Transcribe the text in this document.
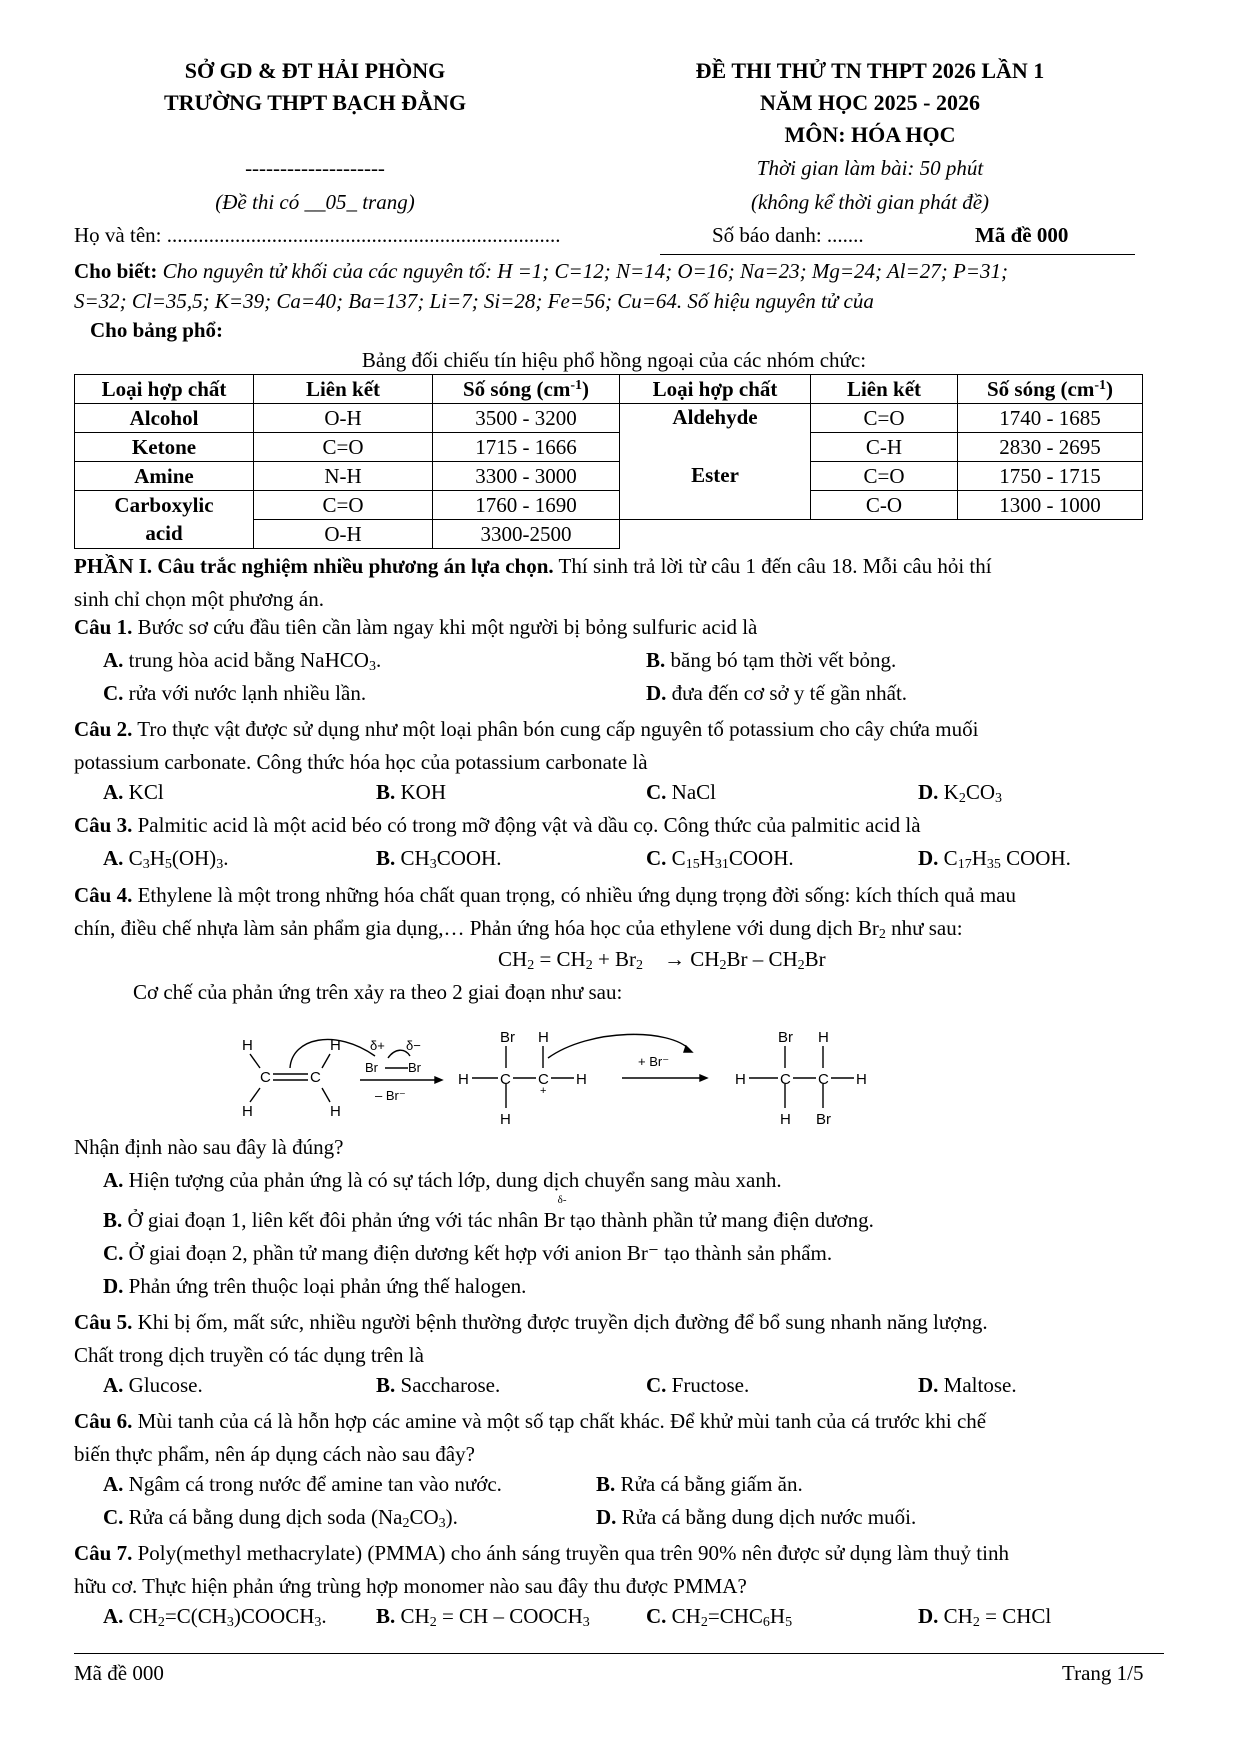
SỞ GD & ĐT HẢI PHÒNG
TRƯỜNG THPT BẠCH ĐẰNG
--------------------
(Đề thi có __05_ trang)
ĐỀ THI THỬ TN THPT 2026 LẦN 1
NĂM HỌC 2025 - 2026
MÔN: HÓA HỌC
Thời gian làm bài: 50 phút
(không kể thời gian phát đề)
Họ và tên: ...........................................................................	Số báo danh: .......	Mã đề 000
Cho biết: Cho nguyên tử khối của các nguyên tố: H =1; C=12; N=14; O=16; Na=23; Mg=24; Al=27; P=31;
S=32; Cl=35,5; K=39; Ca=40; Ba=137; Li=7; Si=28; Fe=56; Cu=64. Số hiệu nguyên tử của
Cho bảng phổ:
Bảng đối chiếu tín hiệu phổ hồng ngoại của các nhóm chức:
Loại hợp chất	Liên kết	Số sóng $(cm^{-1})$	Loại hợp chất	Liên kết	Số sóng $(cm^{-1})$
Alcohol	O-H	3500 - 3200	Aldehyde	C=O	1740 - 1685
Ketone	C=O	1715 - 1666		C-H	2830 - 2695
Amine	N-H	3300 - 3000	Ester	C=O	1750 - 1715
Carboxylic	C=O	1760 - 1690		C-O	1300 - 1000
acid	O-H	3300-2500			
PHẦN I. Câu trắc nghiệm nhiều phương án lựa chọn. Thí sinh trả lời từ câu 1 đến câu 18. Mỗi câu hỏi thí
sinh chỉ chọn một phương án.
Câu 1. Bước sơ cứu đầu tiên cần làm ngay khi một người bị bỏng sulfuric acid là
A. trung hòa acid bằng NaHCO$_3$.	B. băng bó tạm thời vết bỏng.
C. rửa với nước lạnh nhiều lần.	D. đưa đến cơ sở y tế gần nhất.
Câu 2. Tro thực vật được sử dụng như một loại phân bón cung cấp nguyên tố potassium cho cây chứa muối
potassium carbonate. Công thức hóa học của potassium carbonate là
A. KCl	B. KOH	C. NaCl	D. $K_2CO_3$
Câu 3. Palmitic acid là một acid béo có trong mỡ động vật và dầu cọ. Công thức của palmitic acid là
A. $C_3H_5(OH)_3$.	B. $CH_3COOH$.	C. $C_{15}H_{31}COOH$.	D. $C_{17}H_{35}$ COOH.
Câu 4. Ethylene là một trong những hóa chất quan trọng, có nhiều ứng dụng trọng đời sống: kích thích quả mau
chín, điều chế nhựa làm sản phẩm gia dụng,… Phản ứng hóa học của ethylene với dung dịch $Br_2$ như sau:
$CH_2 = CH_2 + Br_2$    → $CH_2Br - CH_2Br$
Cơ chế của phản ứng trên xảy ra theo 2 giai đoạn như sau:
H	H
H	H
C	C
δ+ δ−
Br Br
– Br⁻
Br H
H C C H
H
+
+ Br⁻
Br H
H C C H
H Br
Nhận định nào sau đây là đúng?
A. Hiện tượng của phản ứng là có sự tách lớp, dung dịch chuyển sang màu xanh.
B. Ở giai đoạn 1, liên kết đôi phản ứng với tác nhân
δ-
Br tạo thành phần tử mang điện dương.
C. Ở giai đoạn 2, phần tử mang điện dương kết hợp với anion Br⁻ tạo thành sản phẩm.
D. Phản ứng trên thuộc loại phản ứng thế halogen.
Câu 5. Khi bị ốm, mất sức, nhiều người bệnh thường được truyền dịch đường để bổ sung nhanh năng lượng.
Chất trong dịch truyền có tác dụng trên là
A. Glucose.	B. Saccharose.	C. Fructose.	D. Maltose.
Câu 6. Mùi tanh của cá là hỗn hợp các amine và một số tạp chất khác. Để khử mùi tanh của cá trước khi chế
biến thực phẩm, nên áp dụng cách nào sau đây?
A. Ngâm cá trong nước để amine tan vào nước.	B. Rửa cá bằng giấm ăn.
C. Rửa cá bằng dung dịch soda $(Na_2CO_3)$.	D. Rửa cá bằng dung dịch nước muối.
Câu 7. Poly(methyl methacrylate) (PMMA) cho ánh sáng truyền qua trên 90% nên được sử dụng làm thuỷ tinh
hữu cơ. Thực hiện phản ứng trùng hợp monomer nào sau đây thu được PMMA?
A. $CH_2=C(CH_3)COOCH_3$. B. $CH_2$ = CH – $COOCH_3$	C. $CH_2=CHC_6H_5$	D. $CH_2$ = CHCl
Mã đề 000	Trang 1/5
